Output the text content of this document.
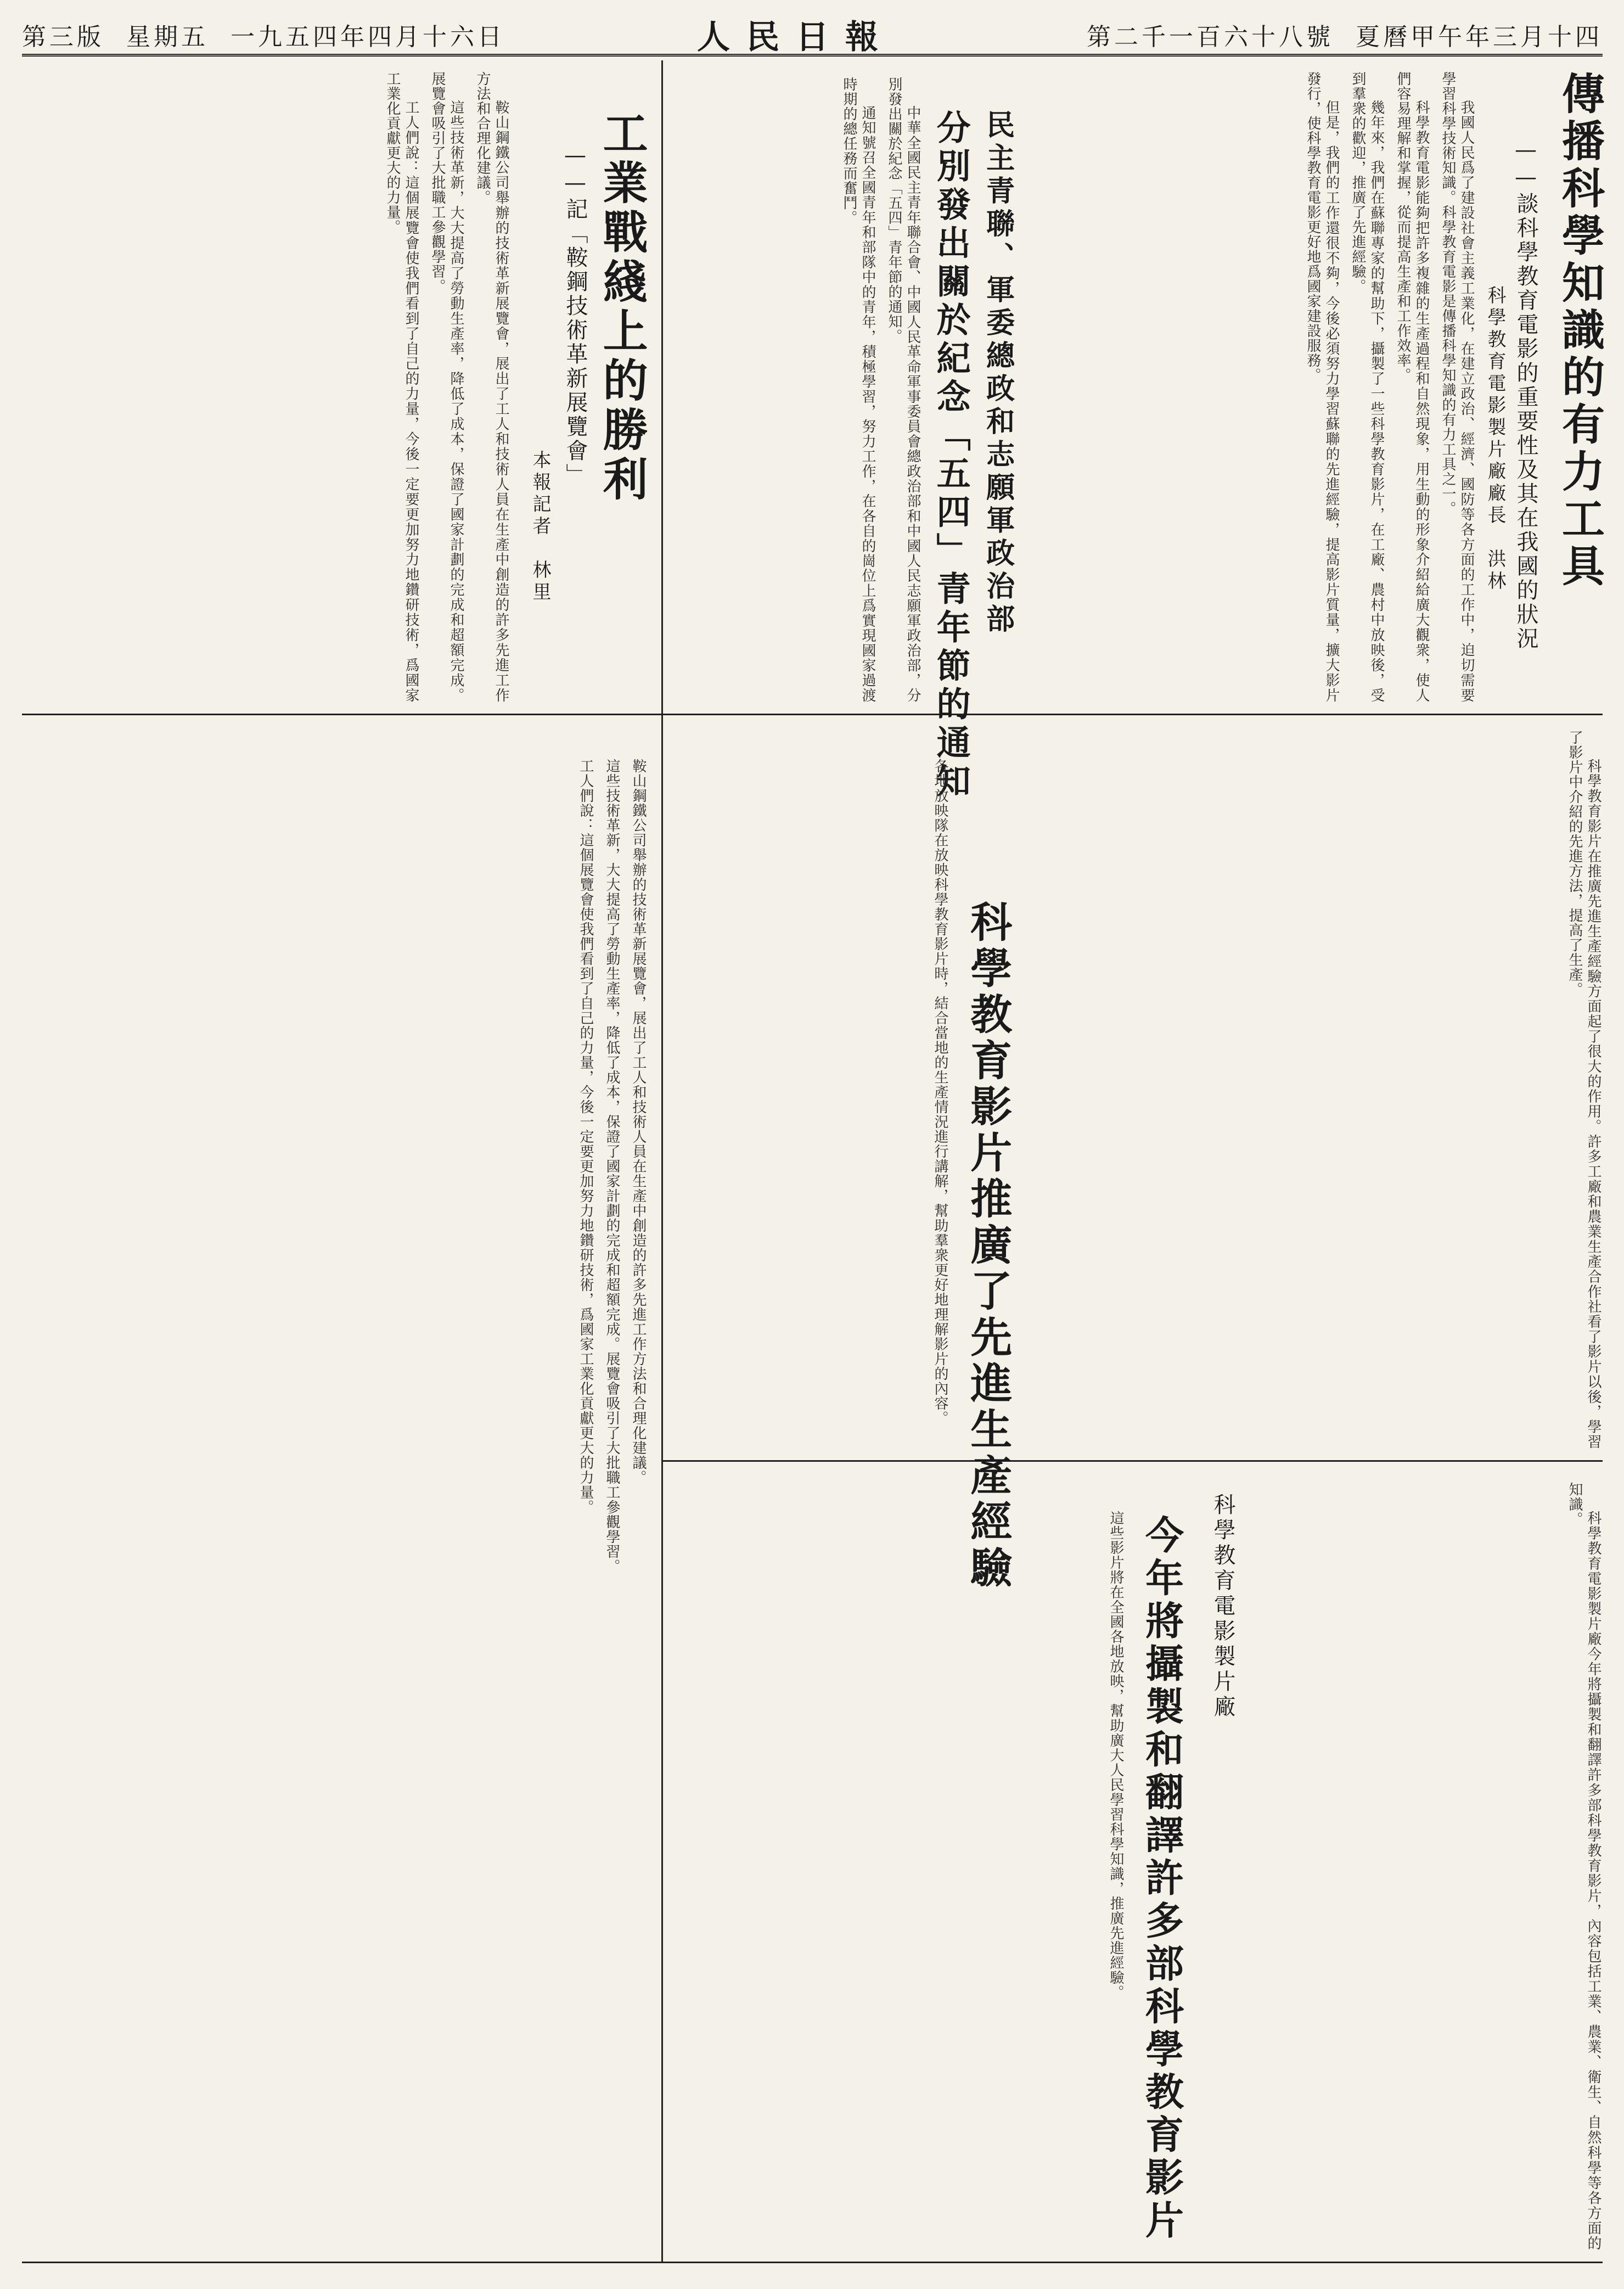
第三版 星期五 一九五四年四月十六日	人民日報	第二千一百六十八號 夏曆甲午年三月十四
傳播科學知識的有力工具
——談科學教育電影的重要性及其在我國的狀況
科學教育電影製片廠廠長　洪林

我國人民爲了建設社會主義工業化，在建立政治、經濟、國防等各方面的工作中，迫切需要學習科學技術知識。科學教育電影是傳播科學知識的有力工具之一。

科學教育電影能夠把許多複雜的生產過程和自然現象，用生動的形象介紹給廣大觀衆，使人們容易理解和掌握，從而提高生產和工作效率。

幾年來，我們在蘇聯專家的幫助下，攝製了一些科學教育影片，在工廠、農村中放映後，受到羣衆的歡迎，推廣了先進經驗。

但是，我們的工作還很不夠，今後必須努力學習蘇聯的先進經驗，提高影片質量，擴大影片發行，使科學教育電影更好地爲國家建設服務。

民主青聯、軍委總政和志願軍政治部
分別發出關於紀念「五四」青年節的通知

中華全國民主青年聯合會、中國人民革命軍事委員會總政治部和中國人民志願軍政治部，分別發出關於紀念「五四」青年節的通知。

通知號召全國青年和部隊中的青年，積極學習，努力工作，在各自的崗位上爲實現國家過渡時期的總任務而奮鬥。

工業戰綫上的勝利
——記「鞍鋼技術革新展覽會」
本報記者　林里

鞍山鋼鐵公司舉辦的技術革新展覽會，展出了工人和技術人員在生產中創造的許多先進工作方法和合理化建議。

這些技術革新，大大提高了勞動生產率，降低了成本，保證了國家計劃的完成和超額完成。展覽會吸引了大批職工參觀學習。

工人們說：這個展覽會使我們看到了自己的力量，今後一定要更加努力地鑽研技術，爲國家工業化貢獻更大的力量。

科學教育影片推廣了先進生產經驗	科學教育影片在推廣先進生產經驗方面起了很大的作用。許多工廠和農業生產合作社看了影片以後，學習了影片中介紹的先進方法，提高了生產。

各地放映隊在放映科學教育影片時，結合當地的生產情況進行講解，幫助羣衆更好地理解影片的內容。

科學教育電影製片廠
今年將攝製和翻譯許多部科學教育影片	科學教育電影製片廠今年將攝製和翻譯許多部科學教育影片，內容包括工業、農業、衛生、自然科學等各方面的知識。

這些影片將在全國各地放映，幫助廣大人民學習科學知識，推廣先進經驗。

鞍山鋼鐵公司舉辦的技術革新展覽會，展出了工人和技術人員在生產中創造的許多先進工作方法和合理化建議。

這些技術革新，大大提高了勞動生產率，降低了成本，保證了國家計劃的完成和超額完成。展覽會吸引了大批職工參觀學習。

工人們說：這個展覽會使我們看到了自己的力量，今後一定要更加努力地鑽研技術，爲國家工業化貢獻更大的力量。
